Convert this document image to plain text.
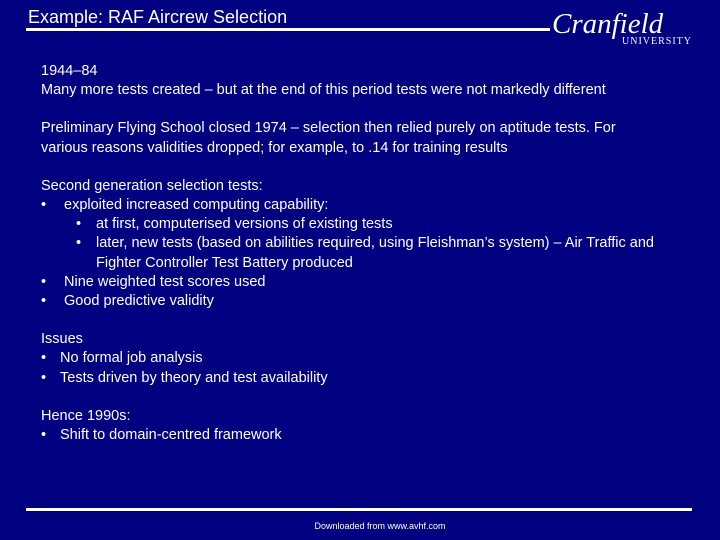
Example: RAF Aircrew Selection	Cranfield
UNIVERSITY
1944–84
Many more tests created – but at the end of this period tests were not markedly different
Preliminary Flying School closed 1974 – selection then relied purely on aptitude tests. For
various reasons validities dropped; for example, to .14 for training results
Second generation selection tests:
• exploited increased computing capability:
• at first, computerised versions of existing tests
• later, new tests (based on abilities required, using Fleishman’s system) – Air Traffic and Fighter Controller Test Battery produced
• Nine weighted test scores used
• Good predictive validity
Issues
• No formal job analysis
• Tests driven by theory and test availability
Hence 1990s:
• Shift to domain-centred framework
Downloaded from www.avhf.com
